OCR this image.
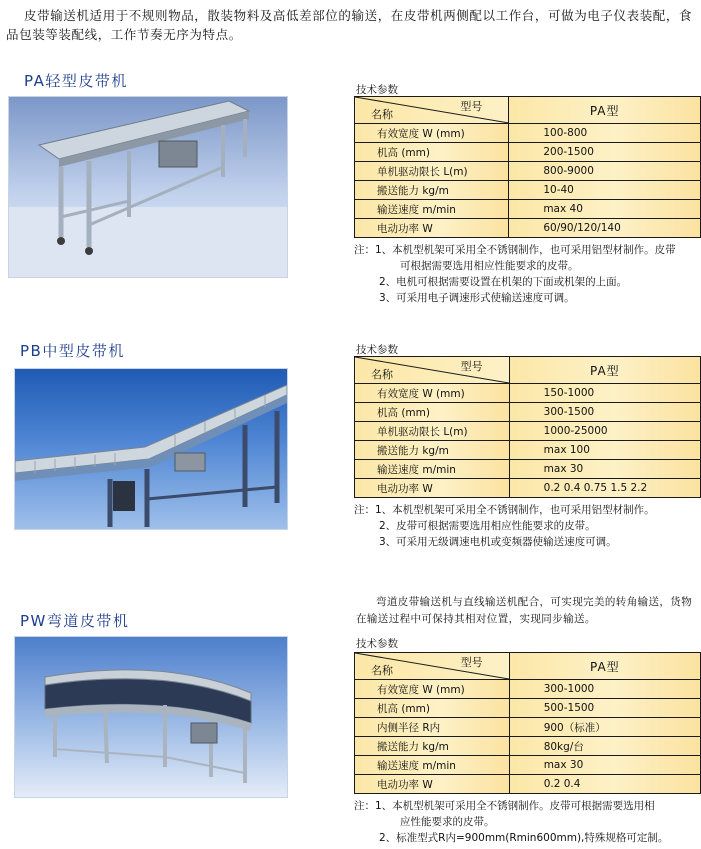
皮带输送机适用于不规则物品，散装物料及高低差部位的输送，在皮带机两侧配以工作台，可做为电子仪表装配，食品包装等装配线，工作节奏无序为特点。
PA轻型皮带机	技术参数
型号
名称	PA型
有效宽度 W (mm)	100-800
机高 (mm)	200-1500
单机驱动限长 L(m)	800-9000
搬送能力 kg/m	10-40
输送速度 m/min	max 40
电动功率 W	60/90/120/140
注：1、本机型机架可采用全不锈钢制作，也可采用铝型材制作。皮带
可根据需要选用相应性能要求的皮带。
2、电机可根据需要设置在机架的下面或机架的上面。
3、可采用电子调速形式使输送速度可调。
PB中型皮带机	技术参数
型号
名称	PA型
有效宽度 W (mm)	150-1000
机高 (mm)	300-1500
单机驱动限长 L(m)	1000-25000
搬送能力 kg/m	max 100
输送速度 m/min	max 30
电动功率 W	0.2 0.4 0.75 1.5 2.2
注：1、本机型机架可采用全不锈钢制作，也可采用铝型材制作。
2、皮带可根据需要选用相应性能要求的皮带。
3、可采用无级调速电机或变频器使输送速度可调。
PW弯道皮带机
弯道皮带输送机与直线输送机配合，可实现完美的转角输送，货物在输送过程中可保持其相对位置，实现同步输送。
技术参数
型号
名称	PA型
有效宽度 W (mm)	300-1000
机高 (mm)	500-1500
内侧半径 R内	900（标准）
搬送能力 kg/m	80kg/台
输送速度 m/min	max 30
电动功率 W	0.2 0.4
注：1、本机型机架可采用全不锈钢制作。皮带可根据需要选用相
应性能要求的皮带。
2、标准型式R内=900mm(Rmin600mm),特殊规格可定制。
